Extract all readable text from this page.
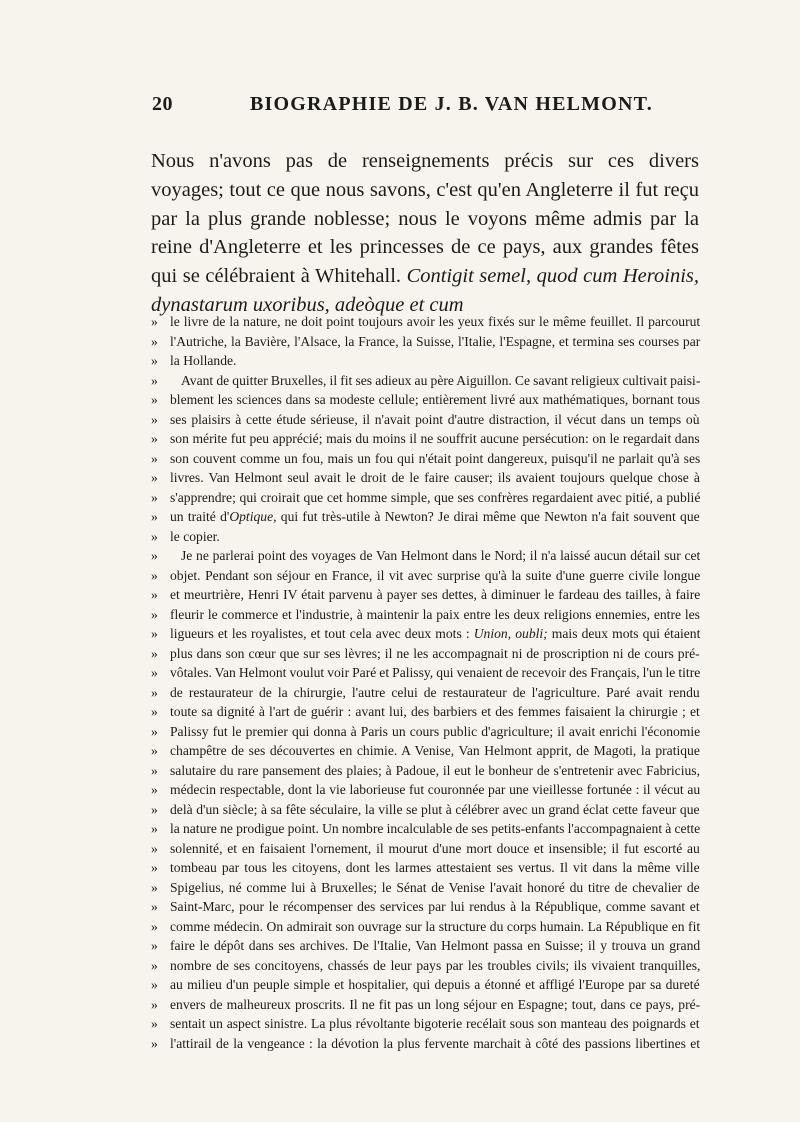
20	BIOGRAPHIE DE J. B. VAN HELMONT.

Nous n'avons pas de renseignements précis sur ces divers voyages; tout ce que nous savons, c'est qu'en Angleterre il fut reçu par la plus grande noblesse; nous le voyons même admis par la reine d'Angleterre et les princesses de ce pays, aux grandes fêtes qui se célébraient à Whitehall. Contigit semel, quod cum Heroinis, dynastarum uxoribus, adeòque et cum

» le livre de la nature, ne doit point toujours avoir les yeux fixés sur le même feuillet. Il parcourut
» l'Autriche, la Bavière, l'Alsace, la France, la Suisse, l'Italie, l'Espagne, et termina ses courses par
» la Hollande.
» Avant de quitter Bruxelles, il fit ses adieux au père Aiguillon. Ce savant religieux cultivait paisi-
» blement les sciences dans sa modeste cellule; entièrement livré aux mathématiques, bornant tous
» ses plaisirs à cette étude sérieuse, il n'avait point d'autre distraction, il vécut dans un temps où
» son mérite fut peu apprécié; mais du moins il ne souffrit aucune persécution: on le regardait dans
» son couvent comme un fou, mais un fou qui n'était point dangereux, puisqu'il ne parlait qu'à ses
» livres. Van Helmont seul avait le droit de le faire causer; ils avaient toujours quelque chose à
» s'apprendre; qui croirait que cet homme simple, que ses confrères regardaient avec pitié, a publié
» un traité d'Optique, qui fut très-utile à Newton? Je dirai même que Newton n'a fait souvent que
» le copier.
» Je ne parlerai point des voyages de Van Helmont dans le Nord; il n'a laissé aucun détail sur cet
» objet. Pendant son séjour en France, il vit avec surprise qu'à la suite d'une guerre civile longue
» et meurtrière, Henri IV était parvenu à payer ses dettes, à diminuer le fardeau des tailles, à faire
» fleurir le commerce et l'industrie, à maintenir la paix entre les deux religions ennemies, entre les
» ligueurs et les royalistes, et tout cela avec deux mots : Union, oubli; mais deux mots qui étaient
» plus dans son cœur que sur ses lèvres; il ne les accompagnait ni de proscription ni de cours pré-
» vôtales. Van Helmont voulut voir Paré et Palissy, qui venaient de recevoir des Français, l'un le titre
» de restaurateur de la chirurgie, l'autre celui de restaurateur de l'agriculture. Paré avait rendu
» toute sa dignité à l'art de guérir : avant lui, des barbiers et des femmes faisaient la chirurgie ; et
» Palissy fut le premier qui donna à Paris un cours public d'agriculture; il avait enrichi l'économie
» champêtre de ses découvertes en chimie. A Venise, Van Helmont apprit, de Magoti, la pratique
» salutaire du rare pansement des plaies; à Padoue, il eut le bonheur de s'entretenir avec Fabricius,
» médecin respectable, dont la vie laborieuse fut couronnée par une vieillesse fortunée : il vécut au
» delà d'un siècle; à sa fête séculaire, la ville se plut à célébrer avec un grand éclat cette faveur que
» la nature ne prodigue point. Un nombre incalculable de ses petits-enfants l'accompagnaient à cette
» solennité, et en faisaient l'ornement, il mourut d'une mort douce et insensible; il fut escorté au
» tombeau par tous les citoyens, dont les larmes attestaient ses vertus. Il vit dans la même ville
» Spigelius, né comme lui à Bruxelles; le Sénat de Venise l'avait honoré du titre de chevalier de
» Saint-Marc, pour le récompenser des services par lui rendus à la République, comme savant et
» comme médecin. On admirait son ouvrage sur la structure du corps humain. La République en fit
» faire le dépôt dans ses archives. De l'Italie, Van Helmont passa en Suisse; il y trouva un grand
» nombre de ses concitoyens, chassés de leur pays par les troubles civils; ils vivaient tranquilles,
» au milieu d'un peuple simple et hospitalier, qui depuis a étonné et affligé l'Europe par sa dureté
» envers de malheureux proscrits. Il ne fit pas un long séjour en Espagne; tout, dans ce pays, pré-
» sentait un aspect sinistre. La plus révoltante bigoterie recélait sous son manteau des poignards et
» l'attirail de la vengeance : la dévotion la plus fervente marchait à côté des passions libertines et
